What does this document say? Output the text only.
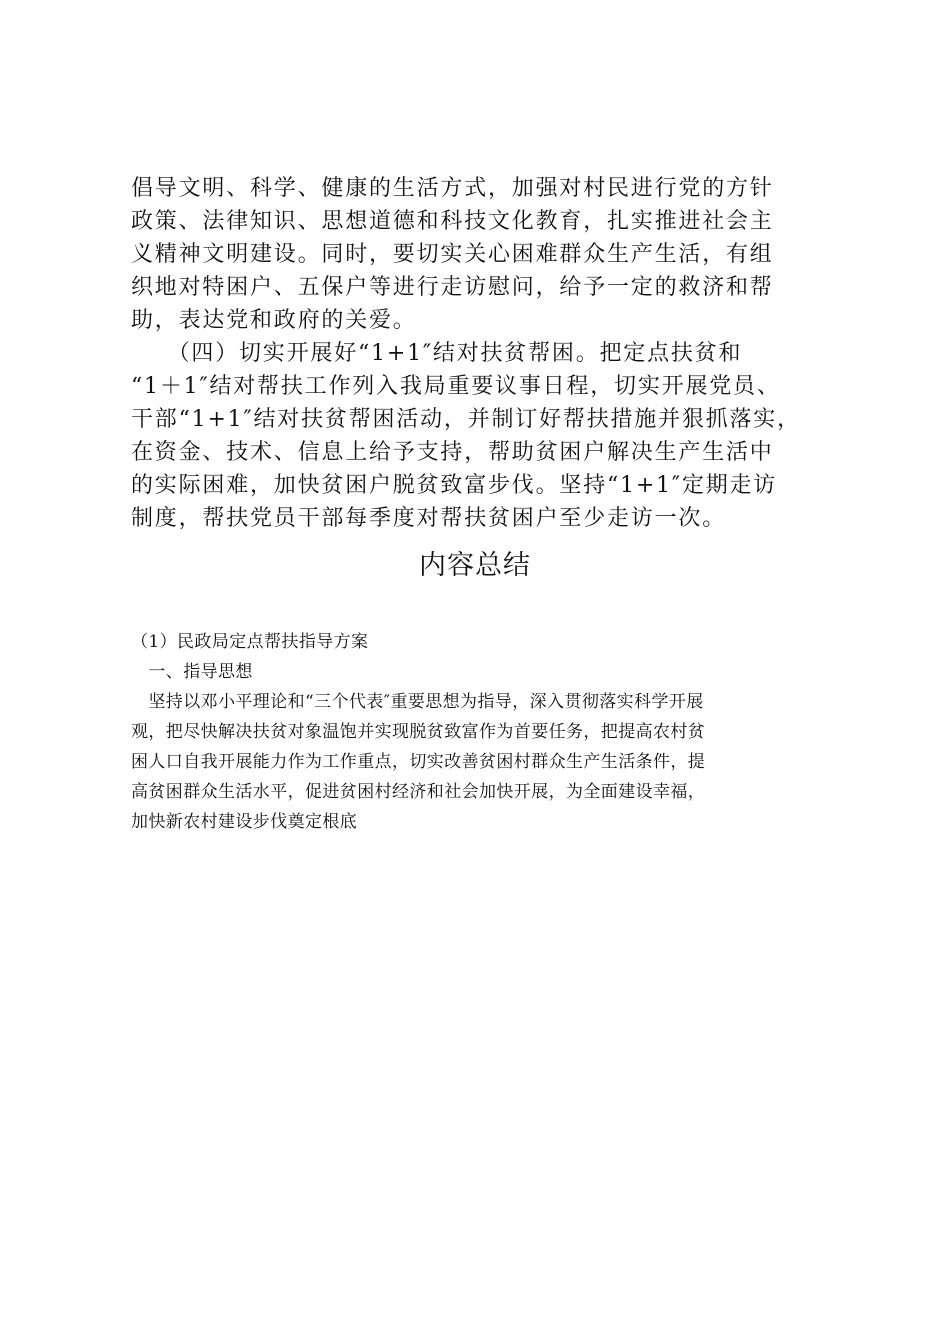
倡导文明、科学、健康的生活方式，加强对村民进行党的方针
政策、法律知识、思想道德和科技文化教育，扎实推进社会主
义精神文明建设。同时，要切实关心困难群众生产生活，有组
织地对特困户、五保户等进行走访慰问，给予一定的救济和帮
助，表达党和政府的关爱。
　　（四）切实开展好“1+1″结对扶贫帮困。把定点扶贫和
“1＋1″结对帮扶工作列入我局重要议事日程，切实开展党员、
干部“1+1″结对扶贫帮困活动，并制订好帮扶措施并狠抓落实，
在资金、技术、信息上给予支持，帮助贫困户解决生产生活中
的实际困难，加快贫困户脱贫致富步伐。坚持“1+1″定期走访
制度，帮扶党员干部每季度对帮扶贫困户至少走访一次。
内容总结
（1）民政局定点帮扶指导方案
　一、指导思想
　坚持以邓小平理论和“三个代表″重要思想为指导，深入贯彻落实科学开展
观，把尽快解决扶贫对象温饱并实现脱贫致富作为首要任务，把提高农村贫
困人口自我开展能力作为工作重点，切实改善贫困村群众生产生活条件，提
高贫困群众生活水平，促进贫困村经济和社会加快开展，为全面建设幸福，
加快新农村建设步伐奠定根底
